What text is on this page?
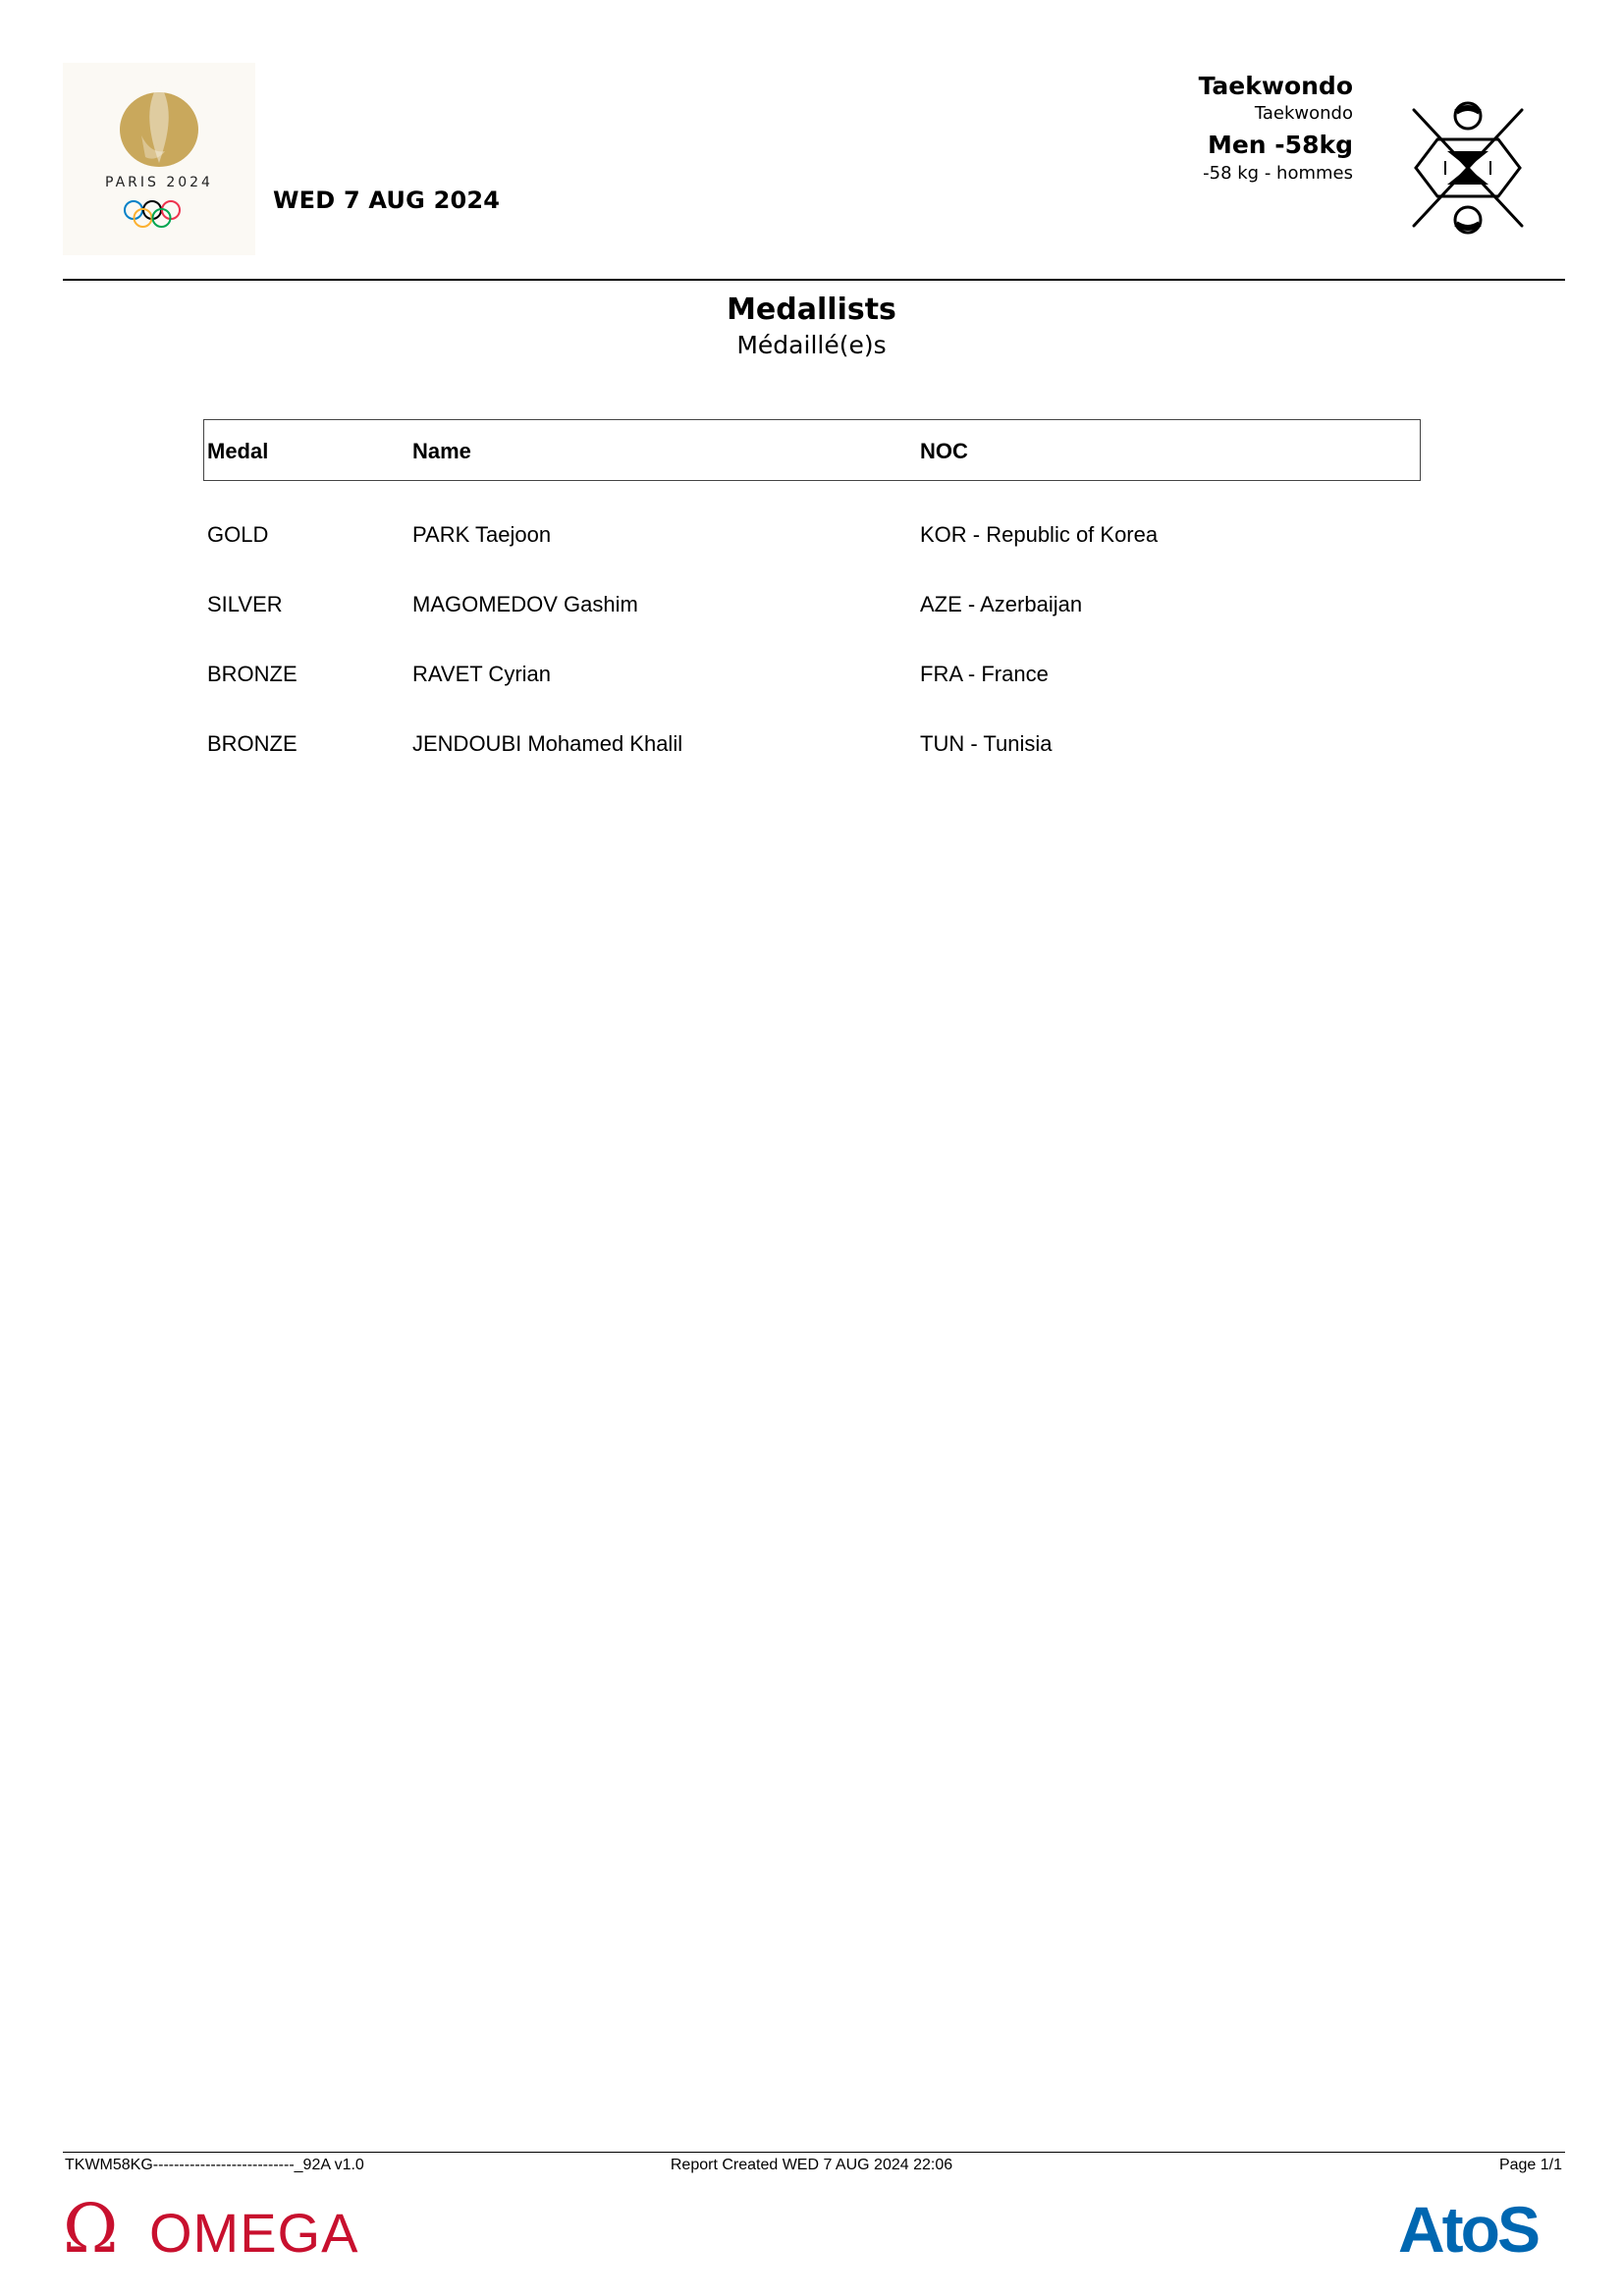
PARIS 2024
WED 7 AUG 2024
Taekwondo
Taekwondo
Men -58kg
-58 kg - hommes
Medallists
Médaillé(e)s
Medal	Name	NOC
GOLD	PARK Taejoon	KOR - Republic of Korea
SILVER	MAGOMEDOV Gashim	AZE - Azerbaijan
BRONZE	RAVET Cyrian	FRA - France
BRONZE	JENDOUBI Mohamed Khalil	TUN - Tunisia
TKWM58KG---------------------------_92A v1.0	Report Created WED 7 AUG 2024 22:06	Page 1/1
Ω OMEGA	AtoS
